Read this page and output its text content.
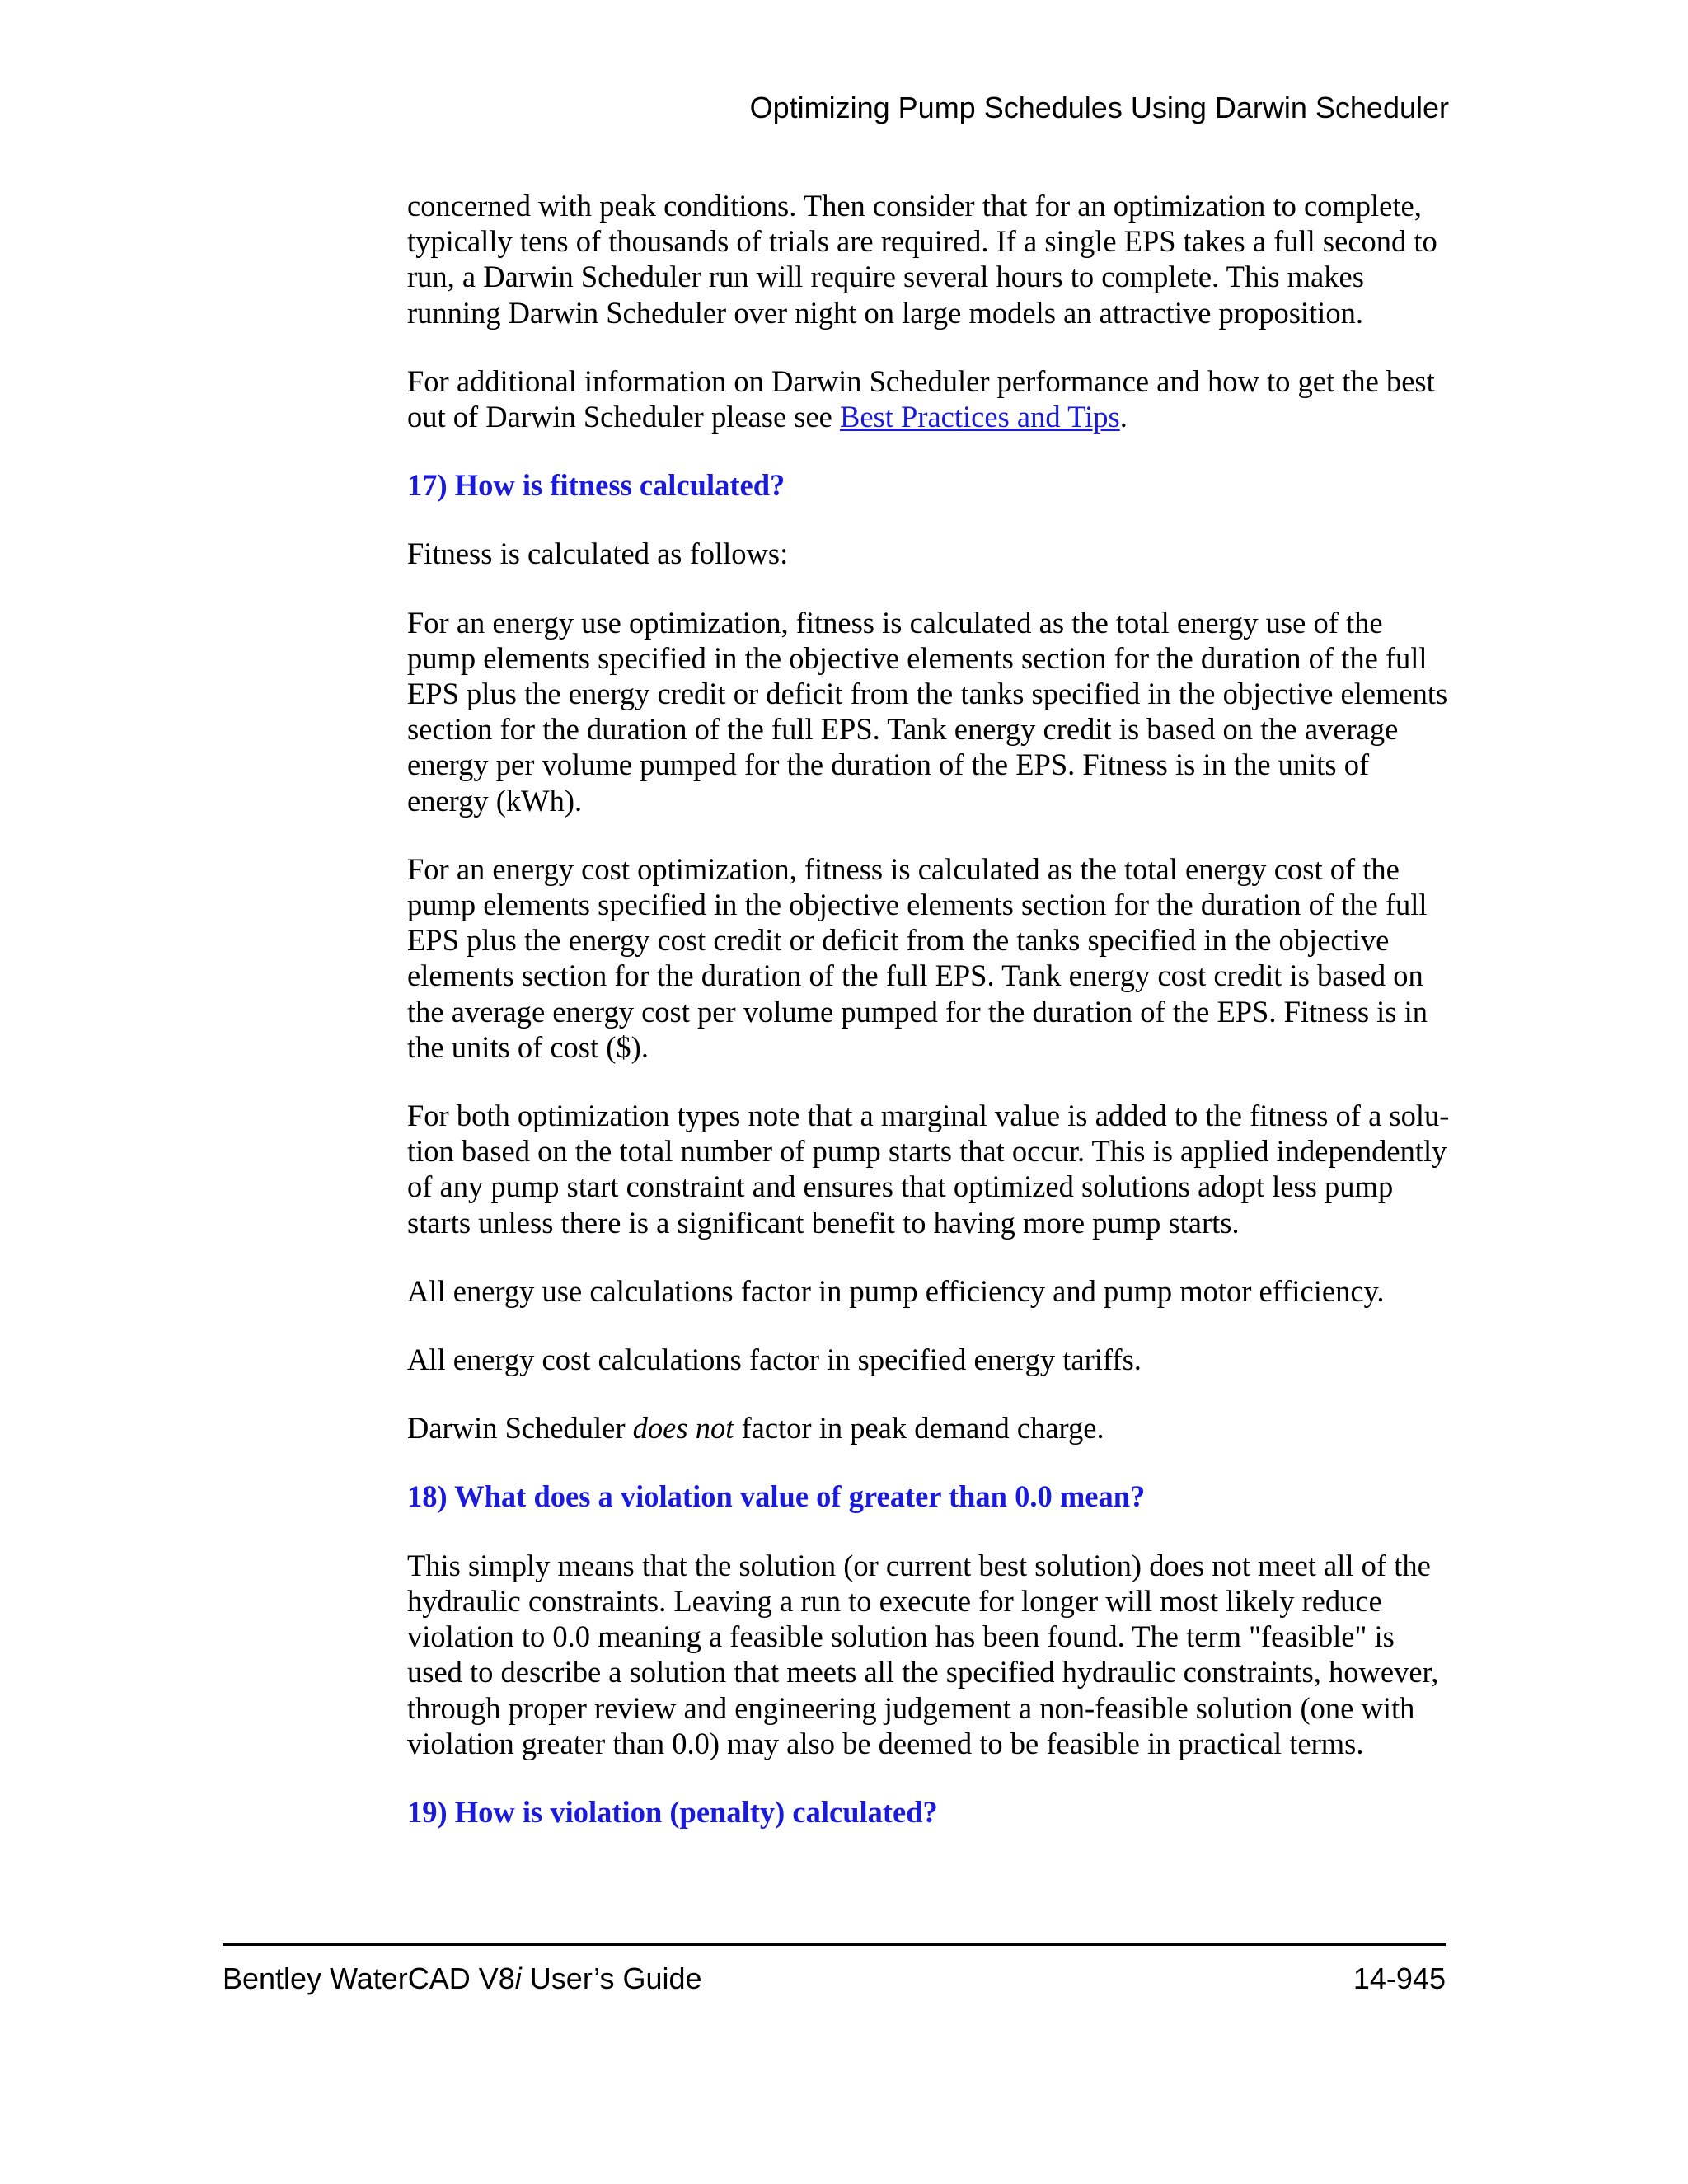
Optimizing Pump Schedules Using Darwin Scheduler

concerned with peak conditions. Then consider that for an optimization to complete, typically tens of thousands of trials are required. If a single EPS takes a full second to run, a Darwin Scheduler run will require several hours to complete. This makes running Darwin Scheduler over night on large models an attractive proposition.

For additional information on Darwin Scheduler performance and how to get the best out of Darwin Scheduler please see Best Practices and Tips.

17) How is fitness calculated?

Fitness is calculated as follows:

For an energy use optimization, fitness is calculated as the total energy use of the pump elements specified in the objective elements section for the duration of the full EPS plus the energy credit or deficit from the tanks specified in the objective elements section for the duration of the full EPS. Tank energy credit is based on the average energy per volume pumped for the duration of the EPS. Fitness is in the units of energy (kWh).

For an energy cost optimization, fitness is calculated as the total energy cost of the pump elements specified in the objective elements section for the duration of the full EPS plus the energy cost credit or deficit from the tanks specified in the objective elements section for the duration of the full EPS. Tank energy cost credit is based on the average energy cost per volume pumped for the duration of the EPS. Fitness is in the units of cost ($).

For both optimization types note that a marginal value is added to the fitness of a solution based on the total number of pump starts that occur. This is applied independently of any pump start constraint and ensures that optimized solutions adopt less pump starts unless there is a significant benefit to having more pump starts.

All energy use calculations factor in pump efficiency and pump motor efficiency.

All energy cost calculations factor in specified energy tariffs.

Darwin Scheduler does not factor in peak demand charge.

18) What does a violation value of greater than 0.0 mean?

This simply means that the solution (or current best solution) does not meet all of the hydraulic constraints. Leaving a run to execute for longer will most likely reduce violation to 0.0 meaning a feasible solution has been found. The term "feasible" is used to describe a solution that meets all the specified hydraulic constraints, however, through proper review and engineering judgement a non-feasible solution (one with violation greater than 0.0) may also be deemed to be feasible in practical terms.

19) How is violation (penalty) calculated?
Bentley WaterCAD V8i User’s Guide	14-945
